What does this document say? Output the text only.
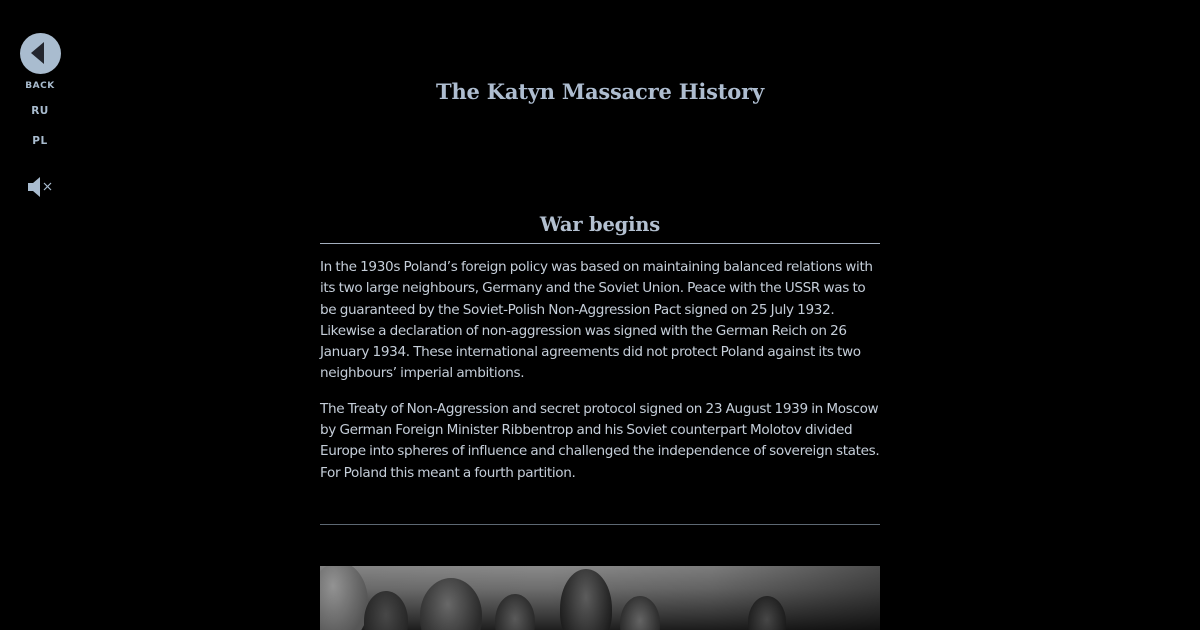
BACK
RU
PL
The Katyn Massacre History
War begins

In the 1930s Poland’s foreign policy was based on maintaining balanced relations with its two large neighbours, Germany and the Soviet Union. Peace with the USSR was to be guaranteed by the Soviet-Polish Non-Aggression Pact signed on 25 July 1932. Likewise a declaration of non-aggression was signed with the German Reich on 26 January 1934. These international agreements did not protect Poland against its two neighbours’ imperial ambitions.

The Treaty of Non-Aggression and secret protocol signed on 23 August 1939 in Moscow by German Foreign Minister Ribbentrop and his Soviet counterpart Molotov divided Europe into spheres of influence and challenged the independence of sovereign states. For Poland this meant a fourth partition.
